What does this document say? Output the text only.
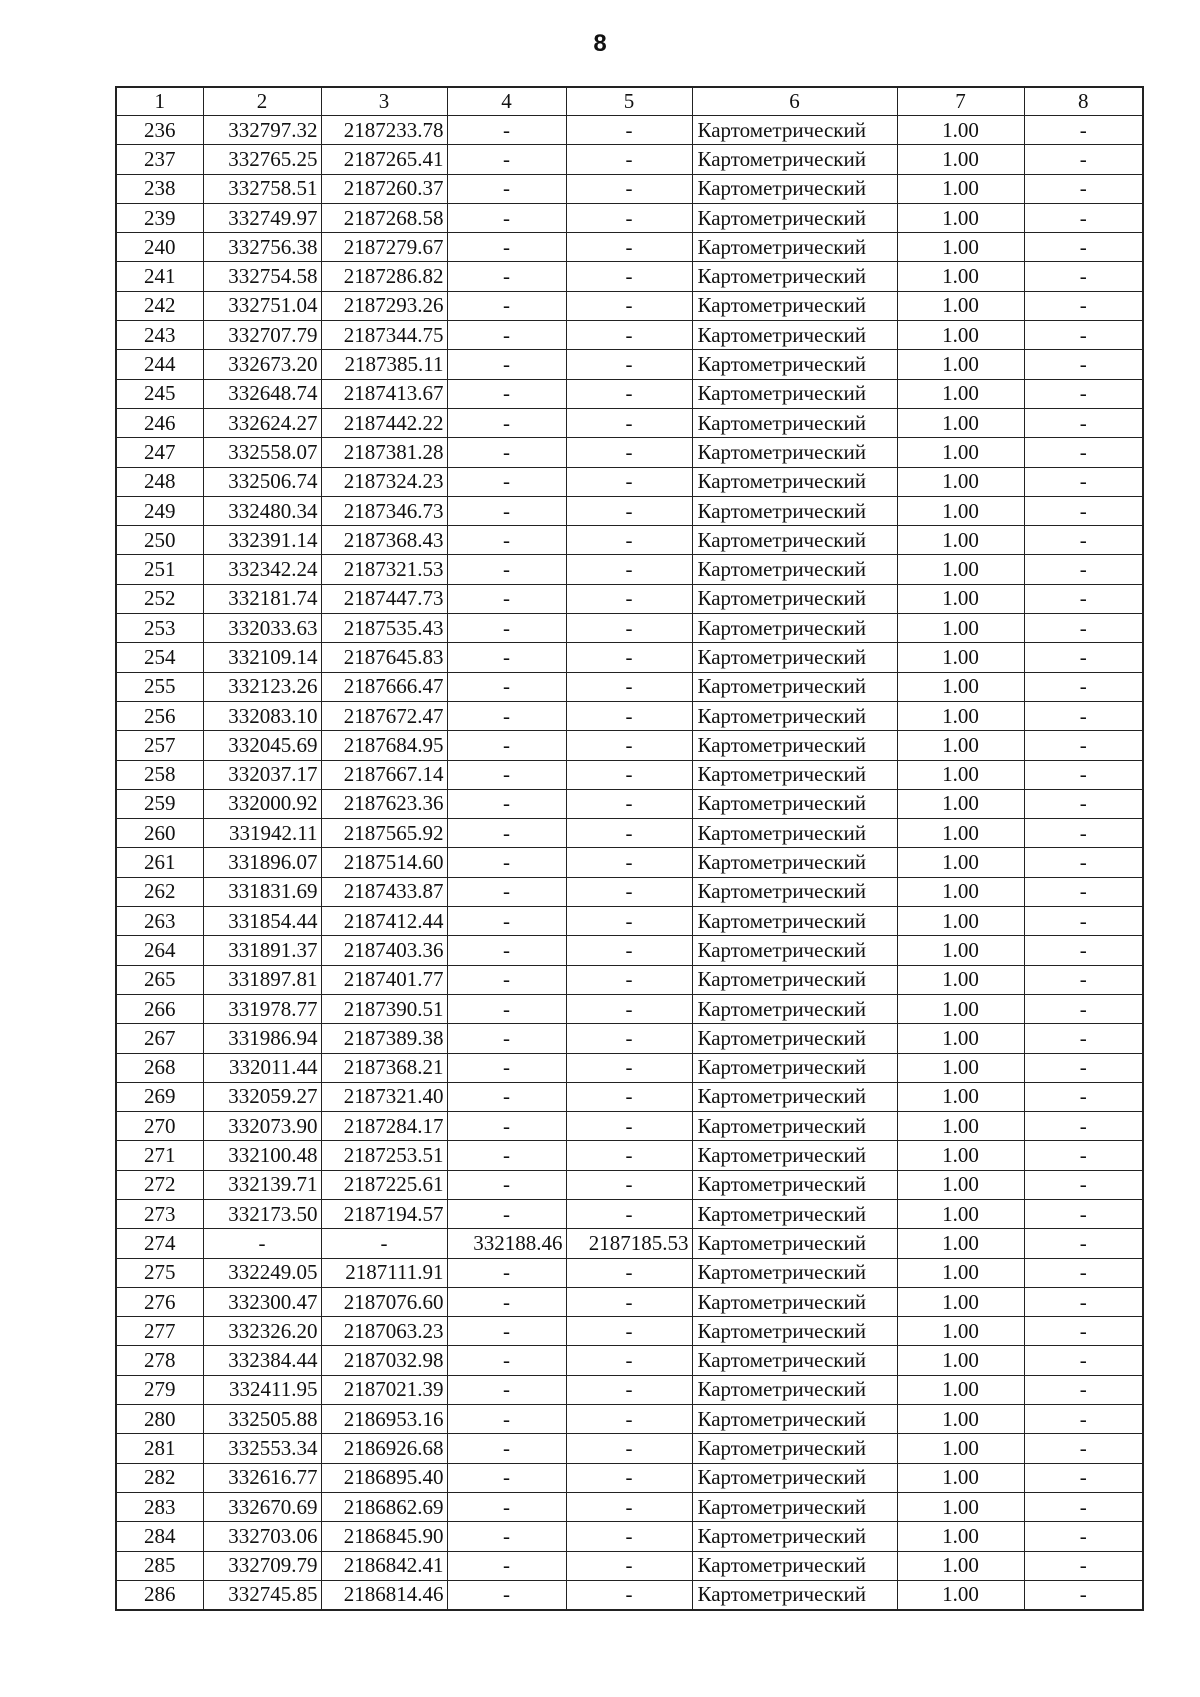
8
1	2	3	4	5	6	7	8
236	332797.32	2187233.78	-	-	Картометрический	1.00	-
237	332765.25	2187265.41	-	-	Картометрический	1.00	-
238	332758.51	2187260.37	-	-	Картометрический	1.00	-
239	332749.97	2187268.58	-	-	Картометрический	1.00	-
240	332756.38	2187279.67	-	-	Картометрический	1.00	-
241	332754.58	2187286.82	-	-	Картометрический	1.00	-
242	332751.04	2187293.26	-	-	Картометрический	1.00	-
243	332707.79	2187344.75	-	-	Картометрический	1.00	-
244	332673.20	2187385.11	-	-	Картометрический	1.00	-
245	332648.74	2187413.67	-	-	Картометрический	1.00	-
246	332624.27	2187442.22	-	-	Картометрический	1.00	-
247	332558.07	2187381.28	-	-	Картометрический	1.00	-
248	332506.74	2187324.23	-	-	Картометрический	1.00	-
249	332480.34	2187346.73	-	-	Картометрический	1.00	-
250	332391.14	2187368.43	-	-	Картометрический	1.00	-
251	332342.24	2187321.53	-	-	Картометрический	1.00	-
252	332181.74	2187447.73	-	-	Картометрический	1.00	-
253	332033.63	2187535.43	-	-	Картометрический	1.00	-
254	332109.14	2187645.83	-	-	Картометрический	1.00	-
255	332123.26	2187666.47	-	-	Картометрический	1.00	-
256	332083.10	2187672.47	-	-	Картометрический	1.00	-
257	332045.69	2187684.95	-	-	Картометрический	1.00	-
258	332037.17	2187667.14	-	-	Картометрический	1.00	-
259	332000.92	2187623.36	-	-	Картометрический	1.00	-
260	331942.11	2187565.92	-	-	Картометрический	1.00	-
261	331896.07	2187514.60	-	-	Картометрический	1.00	-
262	331831.69	2187433.87	-	-	Картометрический	1.00	-
263	331854.44	2187412.44	-	-	Картометрический	1.00	-
264	331891.37	2187403.36	-	-	Картометрический	1.00	-
265	331897.81	2187401.77	-	-	Картометрический	1.00	-
266	331978.77	2187390.51	-	-	Картометрический	1.00	-
267	331986.94	2187389.38	-	-	Картометрический	1.00	-
268	332011.44	2187368.21	-	-	Картометрический	1.00	-
269	332059.27	2187321.40	-	-	Картометрический	1.00	-
270	332073.90	2187284.17	-	-	Картометрический	1.00	-
271	332100.48	2187253.51	-	-	Картометрический	1.00	-
272	332139.71	2187225.61	-	-	Картометрический	1.00	-
273	332173.50	2187194.57	-	-	Картометрический	1.00	-
274	-	-	332188.46	2187185.53	Картометрический	1.00	-
275	332249.05	2187111.91	-	-	Картометрический	1.00	-
276	332300.47	2187076.60	-	-	Картометрический	1.00	-
277	332326.20	2187063.23	-	-	Картометрический	1.00	-
278	332384.44	2187032.98	-	-	Картометрический	1.00	-
279	332411.95	2187021.39	-	-	Картометрический	1.00	-
280	332505.88	2186953.16	-	-	Картометрический	1.00	-
281	332553.34	2186926.68	-	-	Картометрический	1.00	-
282	332616.77	2186895.40	-	-	Картометрический	1.00	-
283	332670.69	2186862.69	-	-	Картометрический	1.00	-
284	332703.06	2186845.90	-	-	Картометрический	1.00	-
285	332709.79	2186842.41	-	-	Картометрический	1.00	-
286	332745.85	2186814.46	-	-	Картометрический	1.00	-
